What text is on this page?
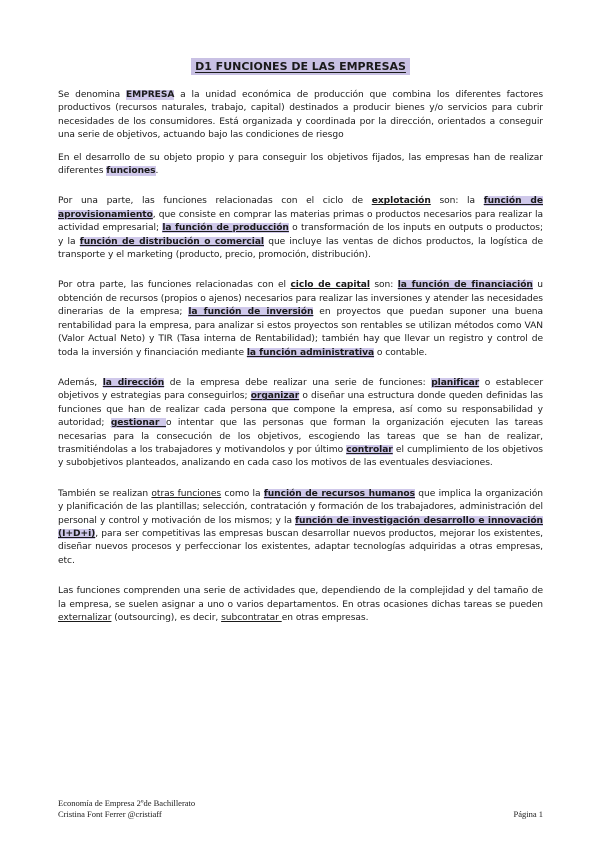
D1 FUNCIONES DE LAS EMPRESAS

Se denomina EMPRESA a la unidad económica de producción que combina los diferentes factores productivos (recursos naturales, trabajo, capital) destinados a producir bienes y/o servicios para cubrir necesidades de los consumidores. Está organizada y coordinada por la dirección, orientados a conseguir una serie de objetivos, actuando bajo las condiciones de riesgo

En el desarrollo de su objeto propio y para conseguir los objetivos fijados, las empresas han de realizar diferentes funciones.

Por una parte, las funciones relacionadas con el ciclo de explotación son: la función de aprovisionamiento, que consiste en comprar las materias primas o productos necesarios para realizar la actividad empresarial; la función de producción o transformación de los inputs en outputs o productos; y la función de distribución o comercial que incluye las ventas de dichos productos, la logística de transporte y el marketing (producto, precio, promoción, distribución).

Por otra parte, las funciones relacionadas con el ciclo de capital son: la función de financiación u obtención de recursos (propios o ajenos) necesarios para realizar las inversiones y atender las necesidades dinerarias de la empresa; la función de inversión en proyectos que puedan suponer una buena rentabilidad para la empresa, para analizar si estos proyectos son rentables se utilizan métodos como VAN (Valor Actual Neto) y TIR (Tasa interna de Rentabilidad); también hay que llevar un registro y control de toda la inversión y financiación mediante la función administrativa o contable.

Además, la dirección de la empresa debe realizar una serie de funciones: planificar o establecer objetivos y estrategias para conseguirlos; organizar o diseñar una estructura donde queden definidas las funciones que han de realizar cada persona que compone la empresa, así como su responsabilidad y autoridad; gestionar o intentar que las personas que forman la organización ejecuten las tareas necesarias para la consecución de los objetivos, escogiendo las tareas que se han de realizar, trasmitiéndolas a los trabajadores y motivandolos y por último controlar el cumplimiento de los objetivos y subobjetivos planteados, analizando en cada caso los motivos de las eventuales desviaciones.

También se realizan otras funciones como la función de recursos humanos que implica la organización y planificación de las plantillas; selección, contratación y formación de los trabajadores, administración del personal y control y motivación de los mismos; y la función de investigación desarrollo e innovación (I+D+i), para ser competitivas las empresas buscan desarrollar nuevos productos, mejorar los existentes, diseñar nuevos procesos y perfeccionar los existentes, adaptar tecnologías adquiridas a otras empresas, etc.

Las funciones comprenden una serie de actividades que, dependiendo de la complejidad y del tamaño de la empresa, se suelen asignar a uno o varios departamentos. En otras ocasiones dichas tareas se pueden externalizar (outsourcing), es decir, subcontratar en otras empresas.

Economía de Empresa 2ºde Bachillerato
Cristina Font Ferrer @cristiaff	Página 1
